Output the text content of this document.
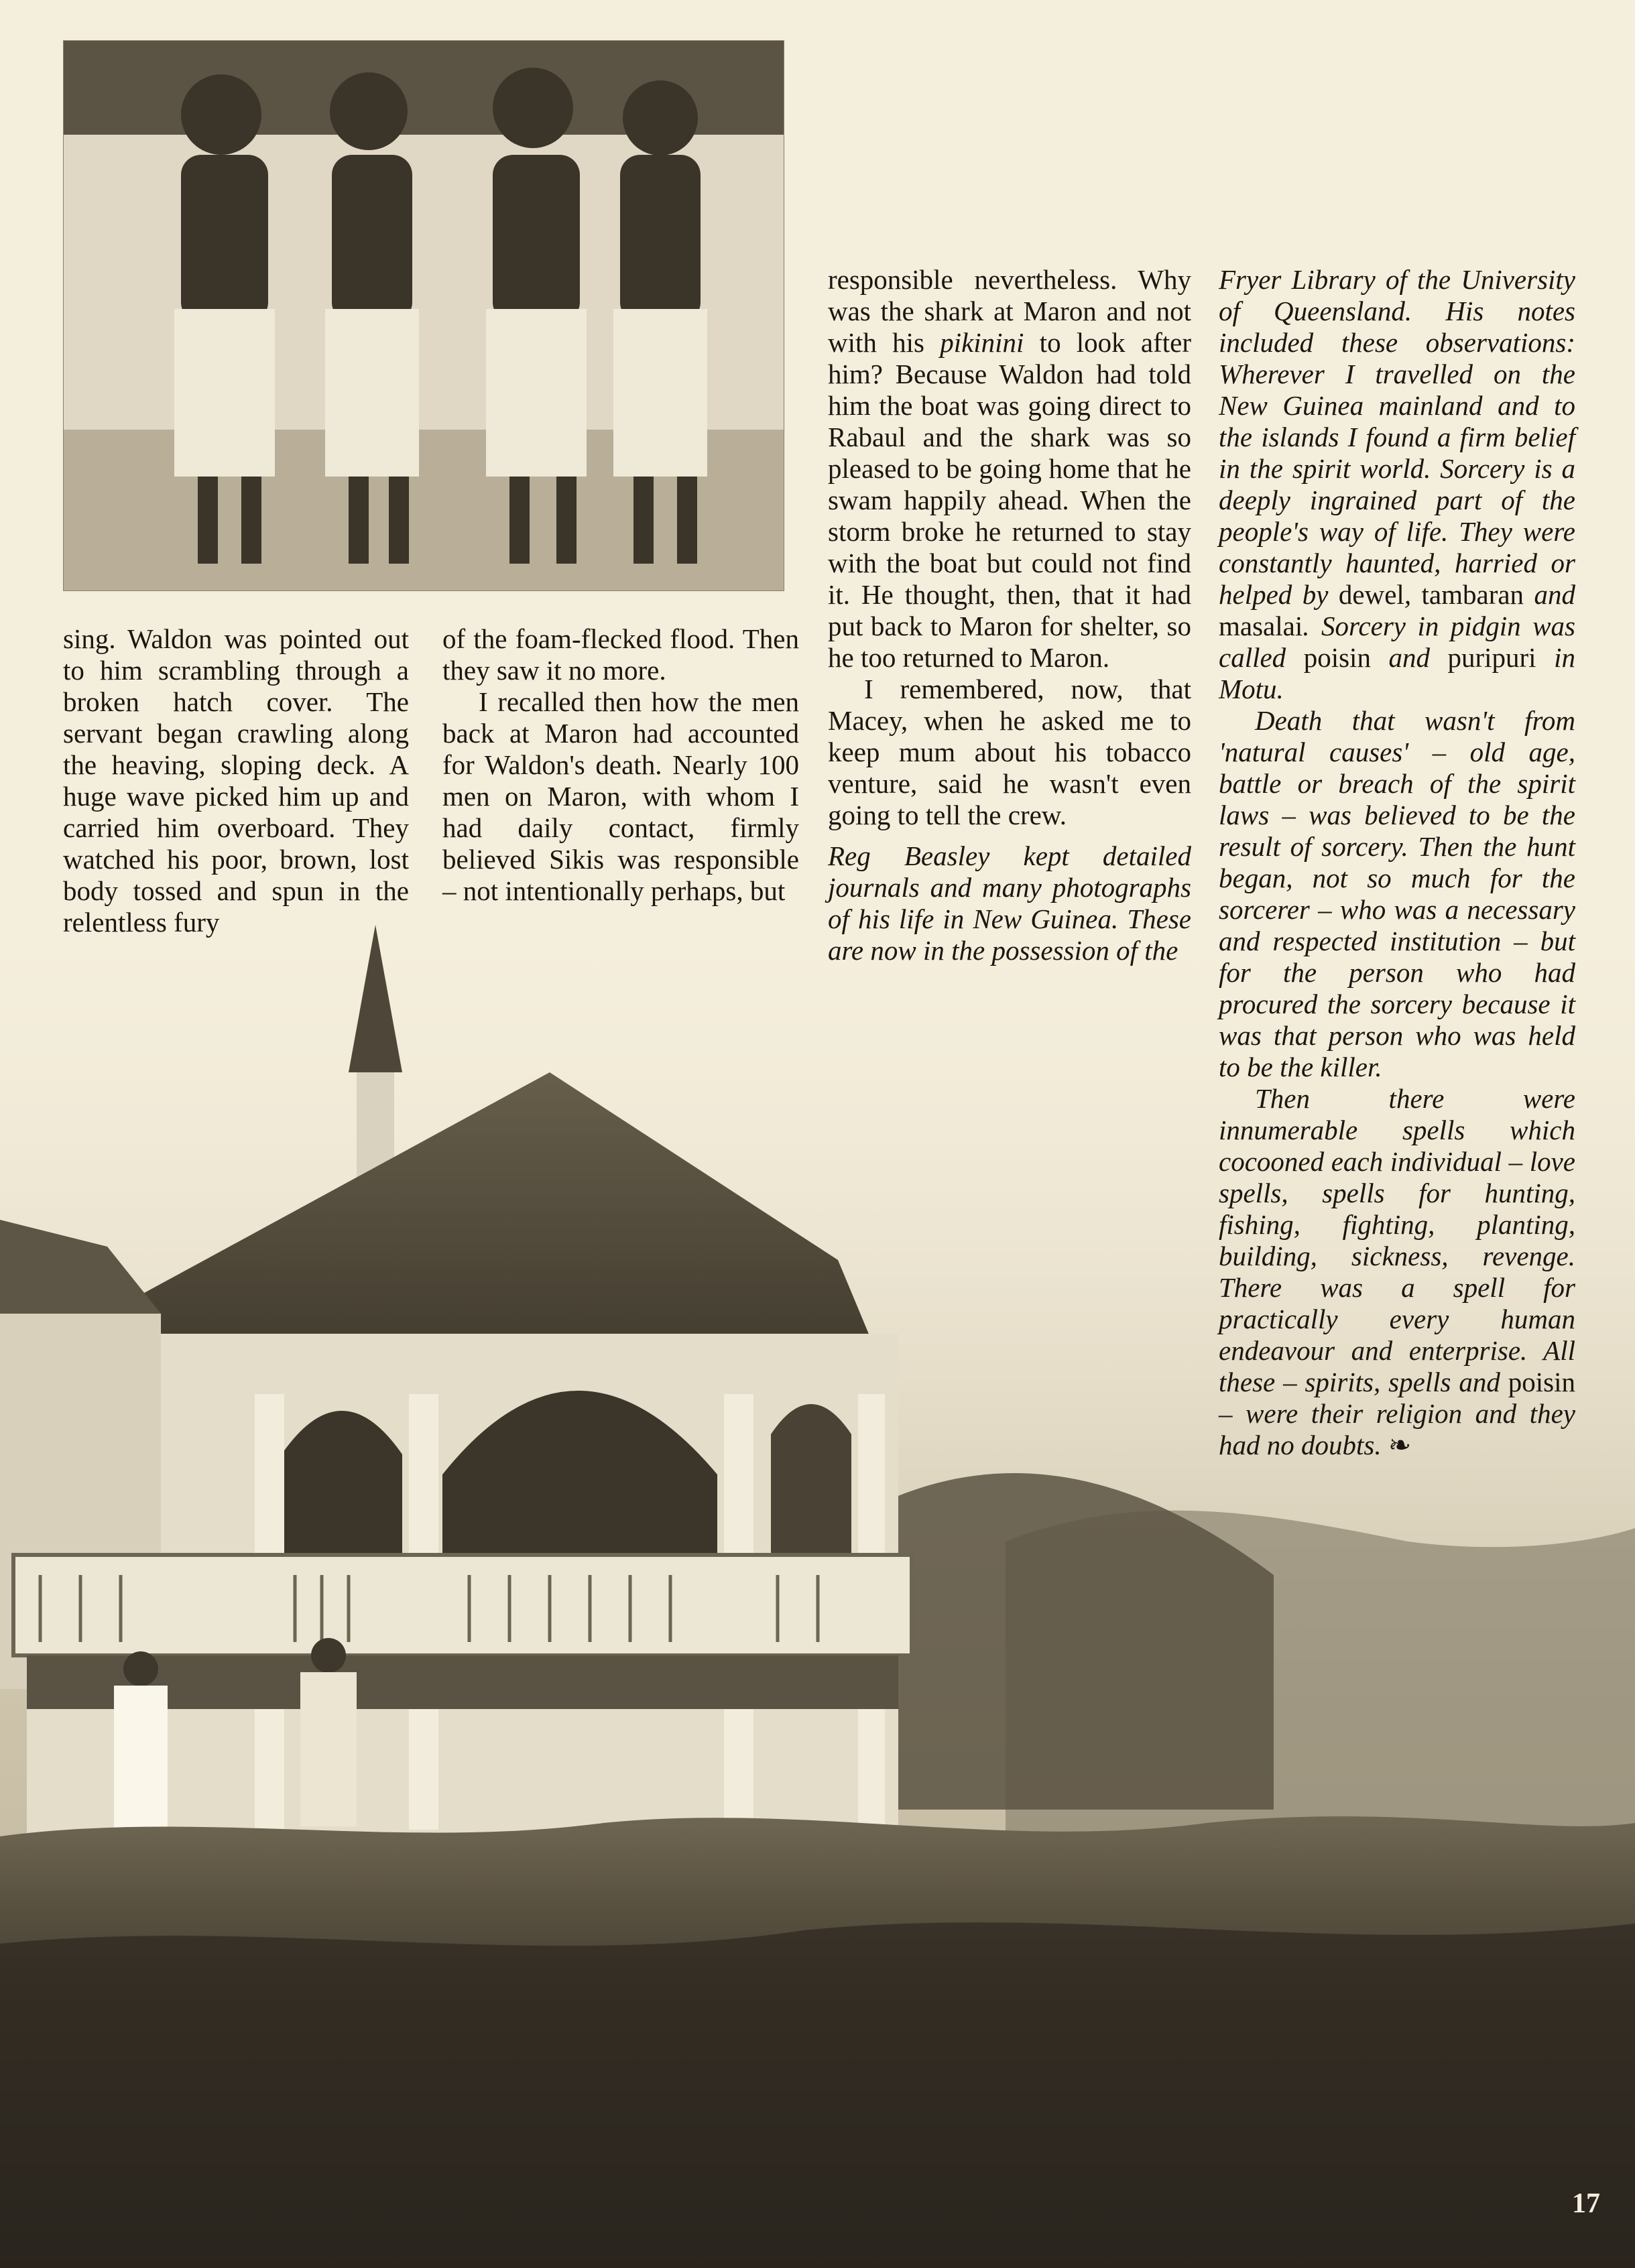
sing. Waldon was pointed out to him scrambling through a broken hatch cover. The servant began crawling along the heaving, sloping deck. A huge wave picked him up and carried him overboard. They watched his poor, brown, lost body tossed and spun in the relentless fury

of the foam-flecked flood. Then they saw it no more.

I recalled then how the men back at Maron had accounted for Waldon's death. Nearly 100 men on Maron, with whom I had daily contact, firmly believed Sikis was responsible – not intentionally perhaps, but

responsible nevertheless. Why was the shark at Maron and not with his pikinini to look after him? Because Waldon had told him the boat was going direct to Rabaul and the shark was so pleased to be going home that he swam happily ahead. When the storm broke he returned to stay with the boat but could not find it. He thought, then, that it had put back to Maron for shelter, so he too returned to Maron.

I remembered, now, that Macey, when he asked me to keep mum about his tobacco venture, said he wasn't even going to tell the crew.

Reg Beasley kept detailed journals and many photographs of his life in New Guinea. These are now in the possession of the

Fryer Library of the University of Queensland. His notes included these observations: Wherever I travelled on the New Guinea mainland and to the islands I found a firm belief in the spirit world. Sorcery is a deeply ingrained part of the people's way of life. They were constantly haunted, harried or helped by dewel, tambaran and masalai. Sorcery in pidgin was called poisin and puripuri in Motu.

Death that wasn't from 'natural causes' – old age, battle or breach of the spirit laws – was believed to be the result of sorcery. Then the hunt began, not so much for the sorcerer – who was a necessary and respected institution – but for the person who had procured the sorcery because it was that person who was held to be the killer.

Then there were innumerable spells which cocooned each individual – love spells, spells for hunting, fishing, fighting, planting, building, sickness, revenge. There was a spell for practically every human endeavour and enterprise. All these – spirits, spells and poisin – were their religion and they had no doubts. ❧

17
